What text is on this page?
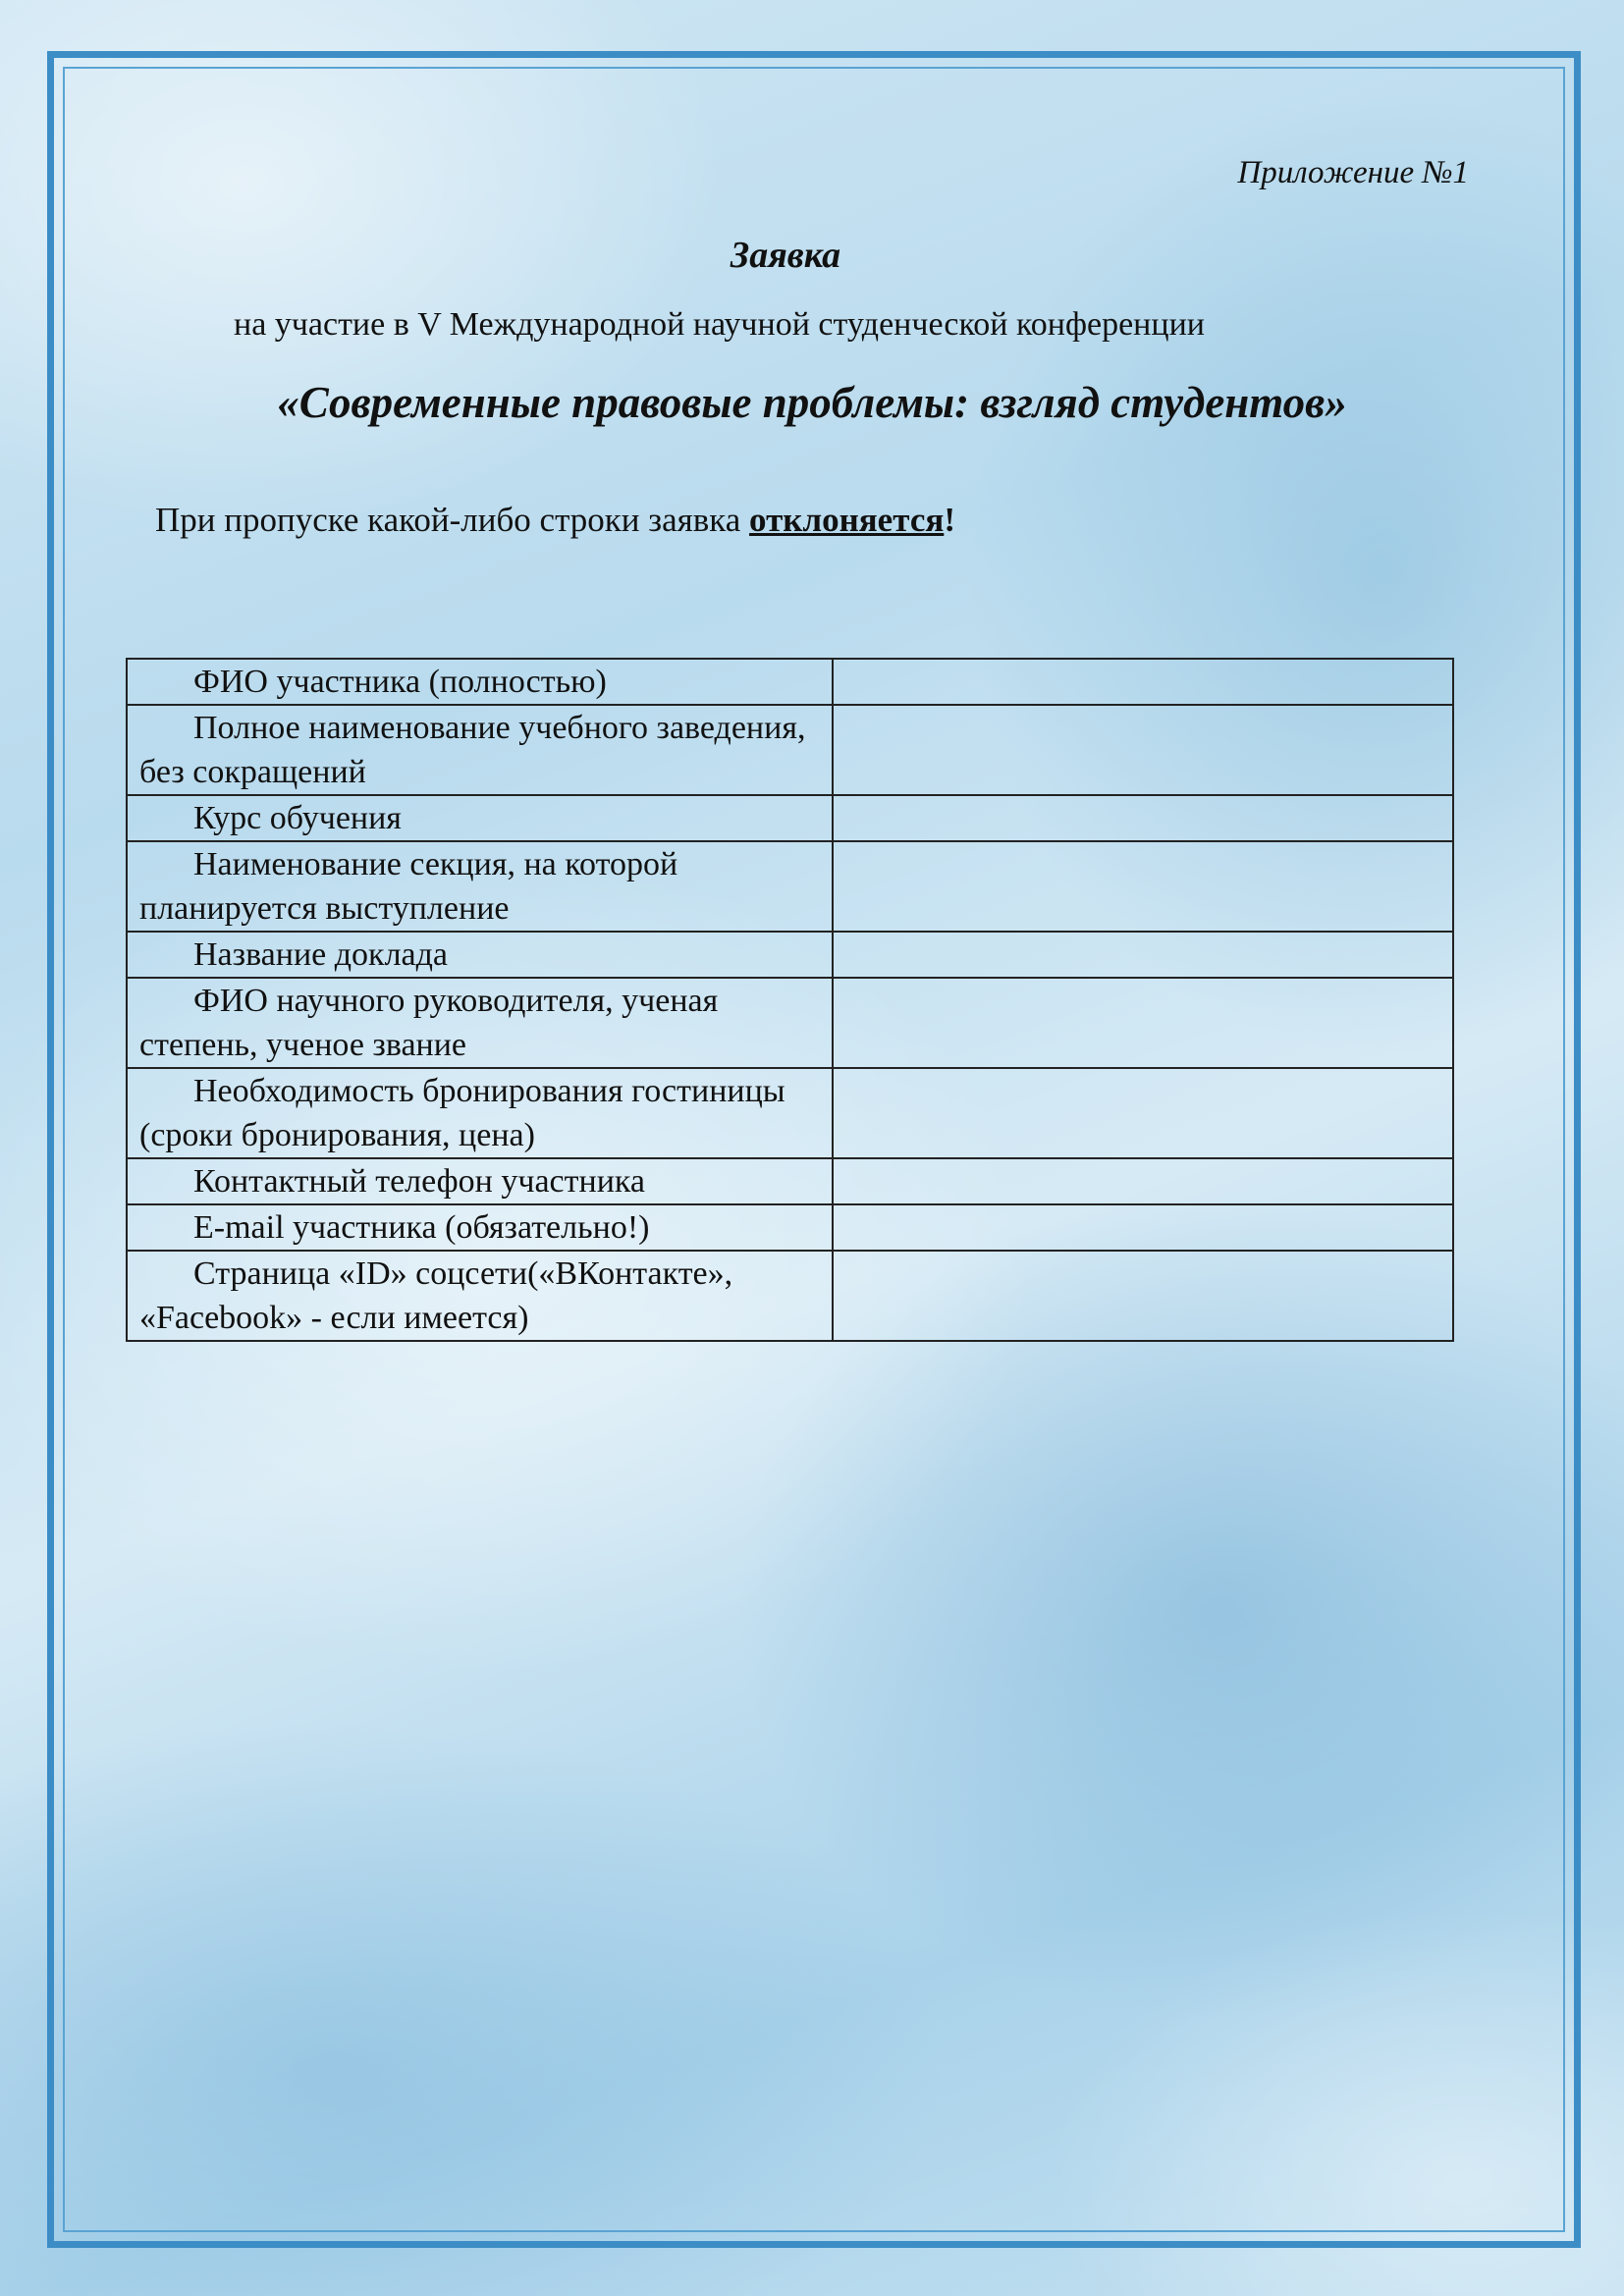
Приложение №1
Заявка
на участие в V Международной научной студенческой конференции
«Современные правовые проблемы: взгляд студентов»
При пропуске какой-либо строки заявка отклоняется!
ФИО участника (полностью)	
Полное наименование учебного заведения, без сокращений	
Курс обучения	
Наименование секция, на которой планируется выступление	
Название доклада	
ФИО научного руководителя, ученая степень, ученое звание	
Необходимость бронирования гостиницы (сроки бронирования, цена)	
Контактный телефон участника	
E-mail участника (обязательно!)	
Страница «ID» соцсети(«ВКонтакте», «Facebook» - если имеется)	
